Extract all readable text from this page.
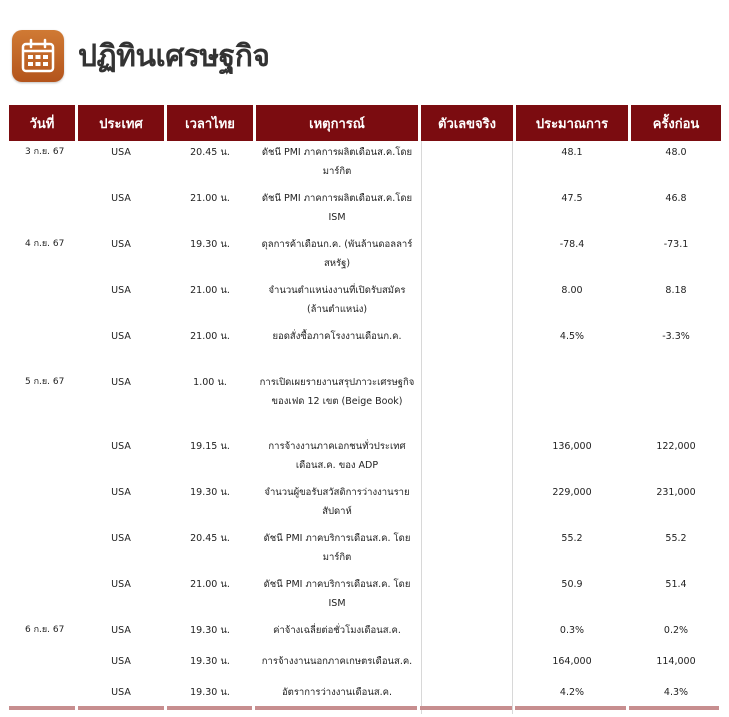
ปฏิทินเศรษฐกิจ
วันที่	ประเทศ	เวลาไทย	เหตุการณ์	ตัวเลขจริง	ประมาณการ	ครั้งก่อน
3 ก.ย. 67	USA	20.45 น.	ดัชนี PMI ภาคการผลิตเดือนส.ค.โดย มาร์กิต		48.1	48.0
	USA	21.00 น.	ดัชนี PMI ภาคการผลิตเดือนส.ค.โดย ISM		47.5	46.8
4 ก.ย. 67	USA	19.30 น.	ดุลการค้าเดือนก.ค. (พันล้านดอลลาร์สหรัฐ)		-78.4	-73.1
	USA	21.00 น.	จำนวนตำแหน่งงานที่เปิดรับสมัคร (ล้านตำแหน่ง)		8.00	8.18
	USA	21.00 น.	ยอดสั่งซื้อภาคโรงงานเดือนก.ค.		4.5%	-3.3%
5 ก.ย. 67	USA	1.00 น.	การเปิดเผยรายงานสรุปภาวะเศรษฐกิจของเฟด 12 เขต (Beige Book)			
	USA	19.15 น.	การจ้างงานภาคเอกชนทั่วประเทศเดือนส.ค. ของ ADP		136,000	122,000
	USA	19.30 น.	จำนวนผู้ขอรับสวัสดิการว่างงานรายสัปดาห์		229,000	231,000
	USA	20.45 น.	ดัชนี PMI ภาคบริการเดือนส.ค. โดย มาร์กิต		55.2	55.2
	USA	21.00 น.	ดัชนี PMI ภาคบริการเดือนส.ค. โดย ISM		50.9	51.4
6 ก.ย. 67	USA	19.30 น.	ค่าจ้างเฉลี่ยต่อชั่วโมงเดือนส.ค.		0.3%	0.2%
	USA	19.30 น.	การจ้างงานนอกภาคเกษตรเดือนส.ค.		164,000	114,000
	USA	19.30 น.	อัตราการว่างงานเดือนส.ค.		4.2%	4.3%
